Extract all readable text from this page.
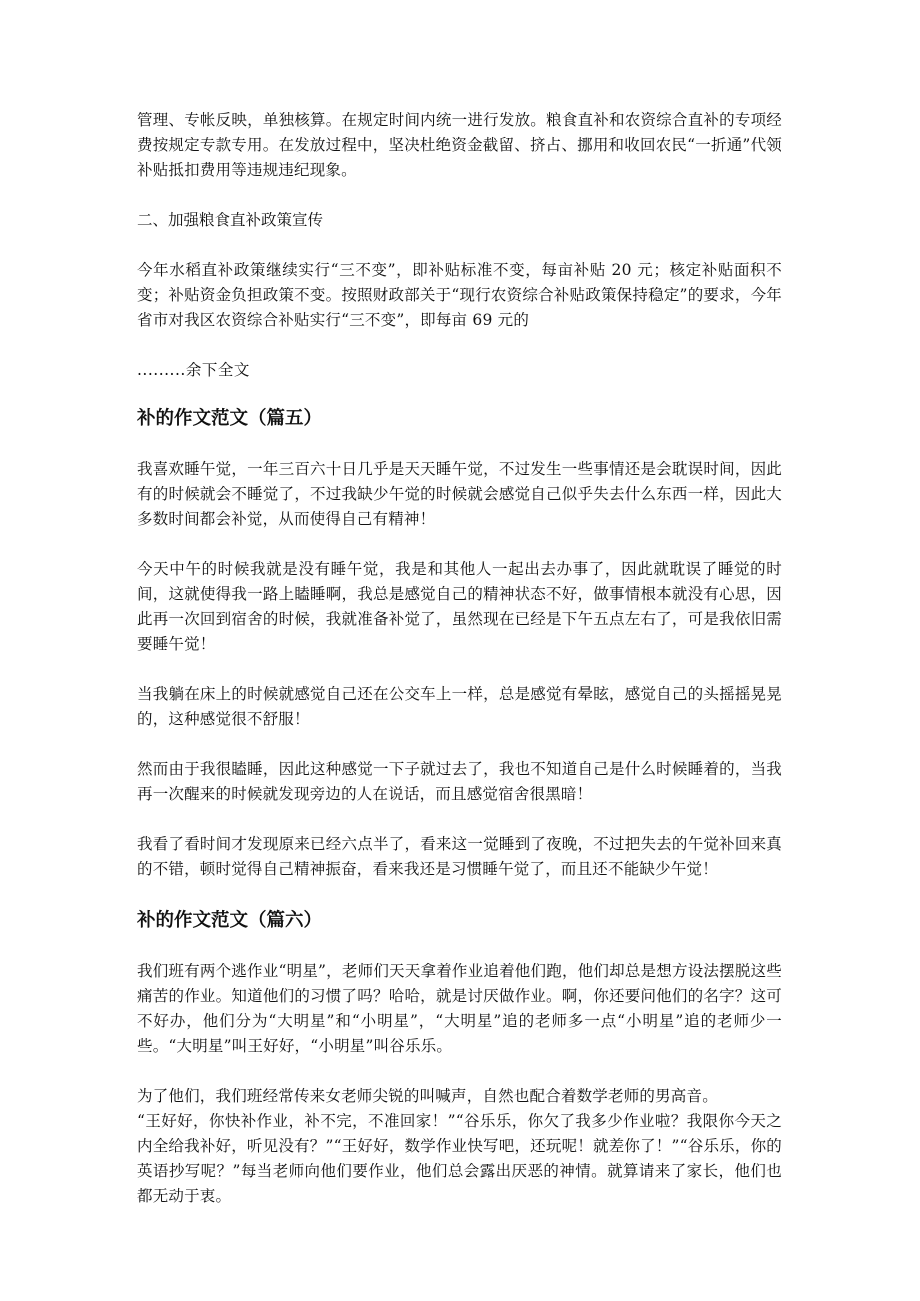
管理、专帐反映，单独核算。在规定时间内统一进行发放。粮食直补和农资综合直补的专项经费按规定专款专用。在发放过程中，坚决杜绝资金截留、挤占、挪用和收回农民“一折通”代领补贴抵扣费用等违规违纪现象。

二、加强粮食直补政策宣传

今年水稻直补政策继续实行“三不变”，即补贴标准不变，每亩补贴 20 元；核定补贴面积不变；补贴资金负担政策不变。按照财政部关于“现行农资综合补贴政策保持稳定”的要求，今年省市对我区农资综合补贴实行“三不变”，即每亩 69 元的

.........余下全文

补的作文范文（篇五）

我喜欢睡午觉，一年三百六十日几乎是天天睡午觉，不过发生一些事情还是会耽误时间，因此有的时候就会不睡觉了，不过我缺少午觉的时候就会感觉自己似乎失去什么东西一样，因此大多数时间都会补觉，从而使得自己有精神！

今天中午的时候我就是没有睡午觉，我是和其他人一起出去办事了，因此就耽误了睡觉的时间，这就使得我一路上瞌睡啊，我总是感觉自己的精神状态不好，做事情根本就没有心思，因此再一次回到宿舍的时候，我就准备补觉了，虽然现在已经是下午五点左右了，可是我依旧需要睡午觉！

当我躺在床上的时候就感觉自己还在公交车上一样，总是感觉有晕眩，感觉自己的头摇摇晃晃的，这种感觉很不舒服！

然而由于我很瞌睡，因此这种感觉一下子就过去了，我也不知道自己是什么时候睡着的，当我再一次醒来的时候就发现旁边的人在说话，而且感觉宿舍很黑暗！

我看了看时间才发现原来已经六点半了，看来这一觉睡到了夜晚，不过把失去的午觉补回来真的不错，顿时觉得自己精神振奋，看来我还是习惯睡午觉了，而且还不能缺少午觉！

补的作文范文（篇六）

我们班有两个逃作业“明星”，老师们天天拿着作业追着他们跑，他们却总是想方设法摆脱这些痛苦的作业。知道他们的习惯了吗？哈哈，就是讨厌做作业。啊，你还要问他们的名字？这可不好办，他们分为“大明星”和“小明星”，“大明星”追的老师多一点“小明星”追的老师少一些。“大明星”叫王好好，“小明星”叫谷乐乐。

为了他们，我们班经常传来女老师尖锐的叫喊声，自然也配合着数学老师的男高音。

“王好好，你快补作业，补不完，不准回家！”“谷乐乐，你欠了我多少作业啦？我限你今天之内全给我补好，听见没有？”“王好好，数学作业快写吧，还玩呢！就差你了！”“谷乐乐，你的英语抄写呢？”每当老师向他们要作业，他们总会露出厌恶的神情。就算请来了家长，他们也都无动于衷。
